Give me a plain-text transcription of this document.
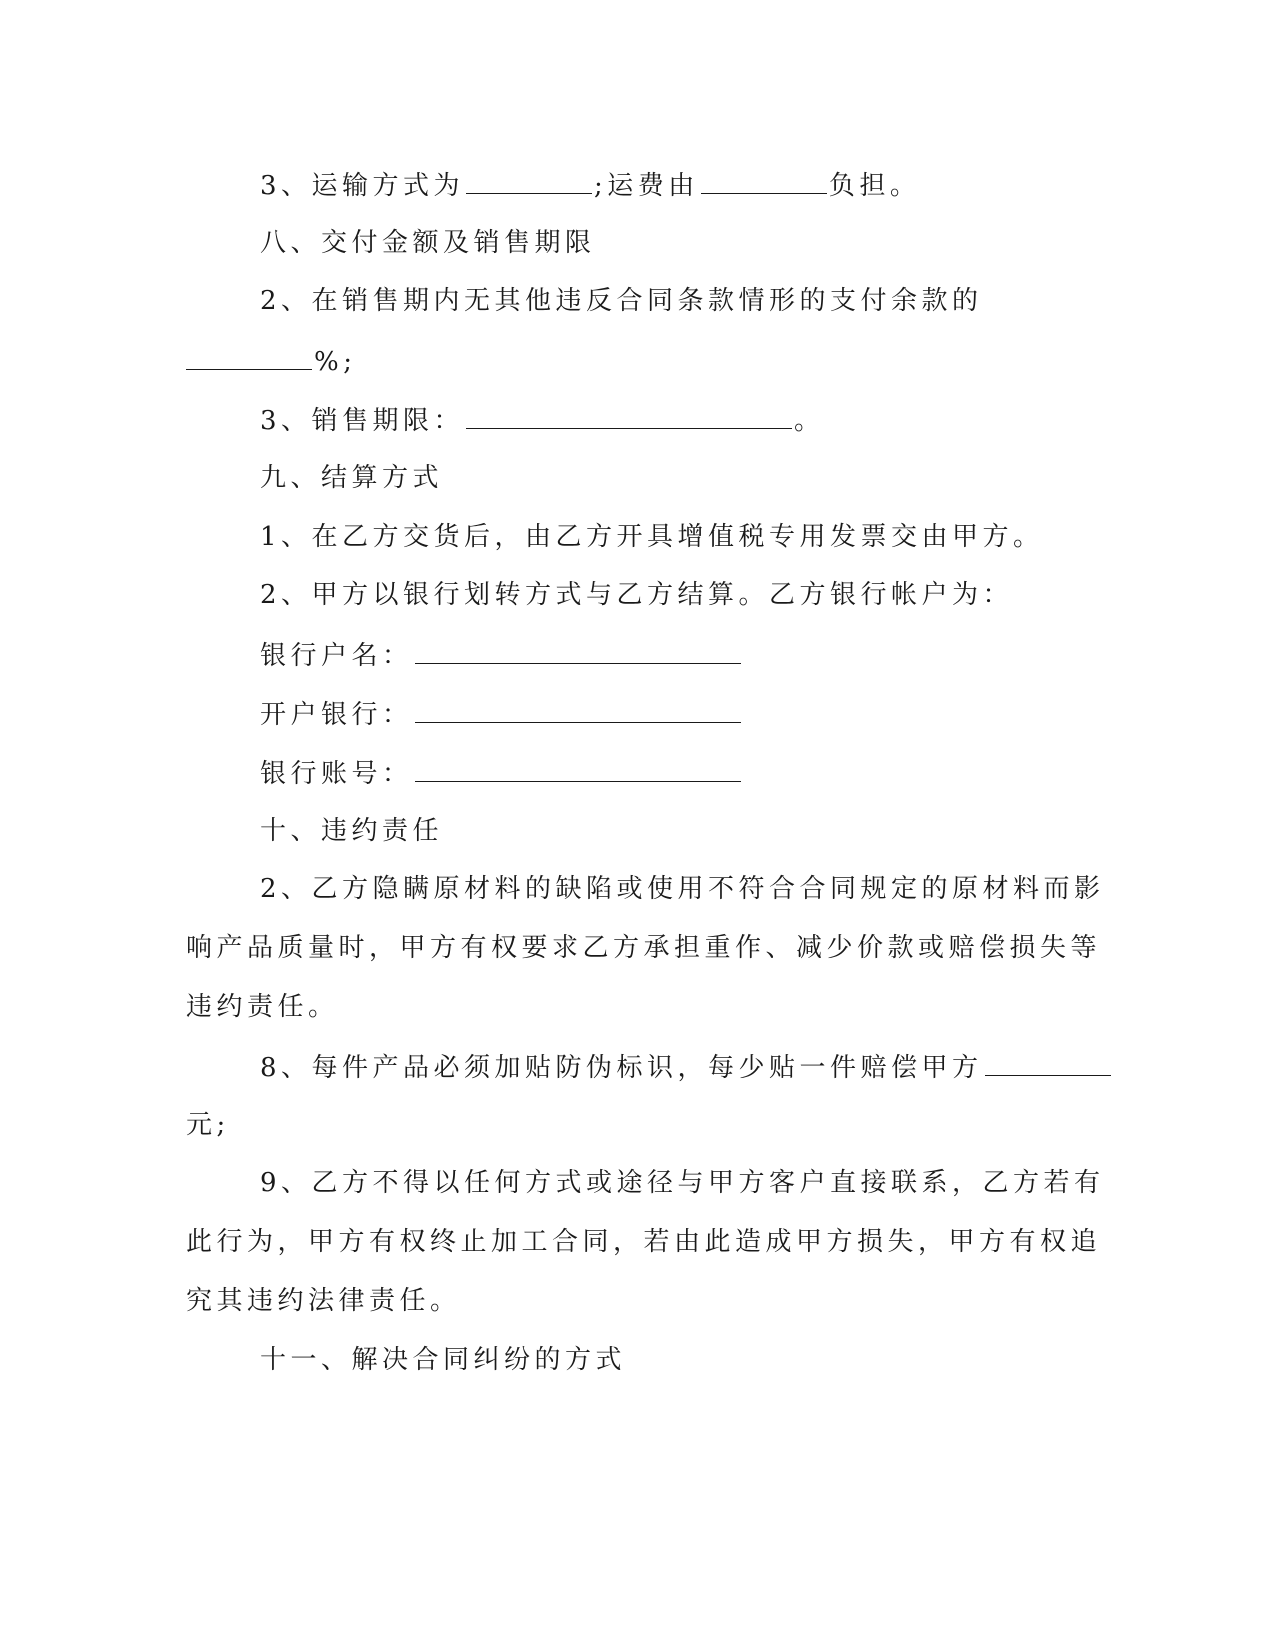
3、运输方式为	;运费由	负担。
八、交付金额及销售期限
2、在销售期内无其他违反合同条款情形的支付余款的
%;
3、销售期限：	。
九、结算方式
1、在乙方交货后，由乙方开具增值税专用发票交由甲方。
2、甲方以银行划转方式与乙方结算。乙方银行帐户为：
银行户名：
开户银行：
银行账号：
十、违约责任
2、乙方隐瞒原材料的缺陷或使用不符合合同规定的原材料而影
响产品质量时，甲方有权要求乙方承担重作、减少价款或赔偿损失等
违约责任。
8、每件产品必须加贴防伪标识，每少贴一件赔偿甲方
元;
9、乙方不得以任何方式或途径与甲方客户直接联系，乙方若有
此行为，甲方有权终止加工合同，若由此造成甲方损失，甲方有权追
究其违约法律责任。
十一、解决合同纠纷的方式
